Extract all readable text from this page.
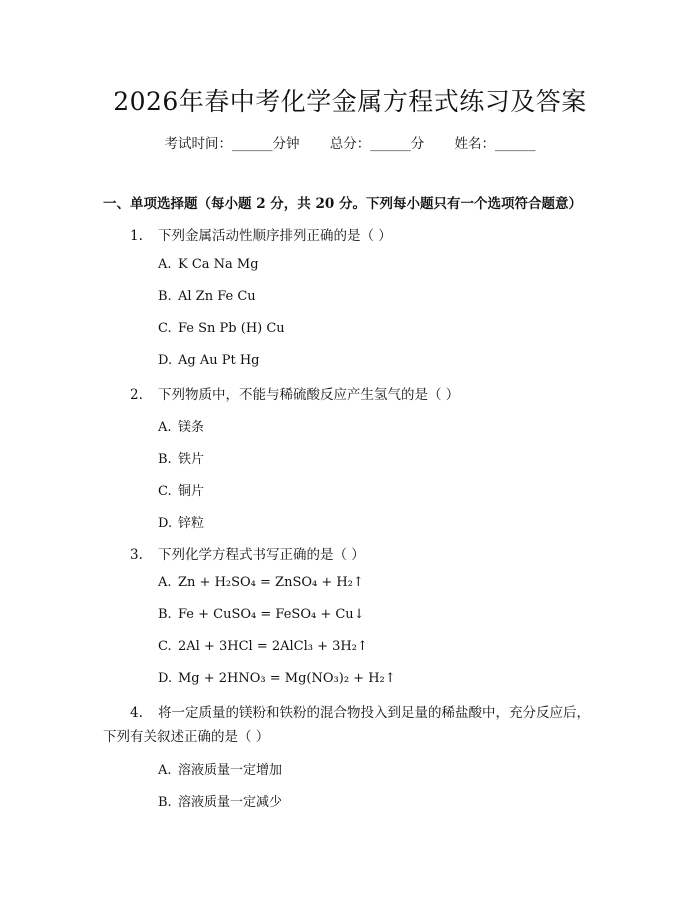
2026年春中考化学金属方程式练习及答案
考试时间：______分钟 总分：______分 姓名：______
一、单项选择题（每小题 2 分，共 20 分。下列每小题只有一个选项符合题意）
1. 下列金属活动性顺序排列正确的是（ ）
A. K Ca Na Mg
B. Al Zn Fe Cu
C. Fe Sn Pb (H) Cu
D. Ag Au Pt Hg
2. 下列物质中，不能与稀硫酸反应产生氢气的是（ ）
A. 镁条
B. 铁片
C. 铜片
D. 锌粒
3. 下列化学方程式书写正确的是（ ）
A. Zn + H₂SO₄ = ZnSO₄ + H₂↑
B. Fe + CuSO₄ = FeSO₄ + Cu↓
C. 2Al + 3HCl = 2AlCl₃ + 3H₂↑
D. Mg + 2HNO₃ = Mg(NO₃)₂ + H₂↑
4. 将一定质量的镁粉和铁粉的混合物投入到足量的稀盐酸中，充分反应后，
下列有关叙述正确的是（ ）
A. 溶液质量一定增加
B. 溶液质量一定减少
